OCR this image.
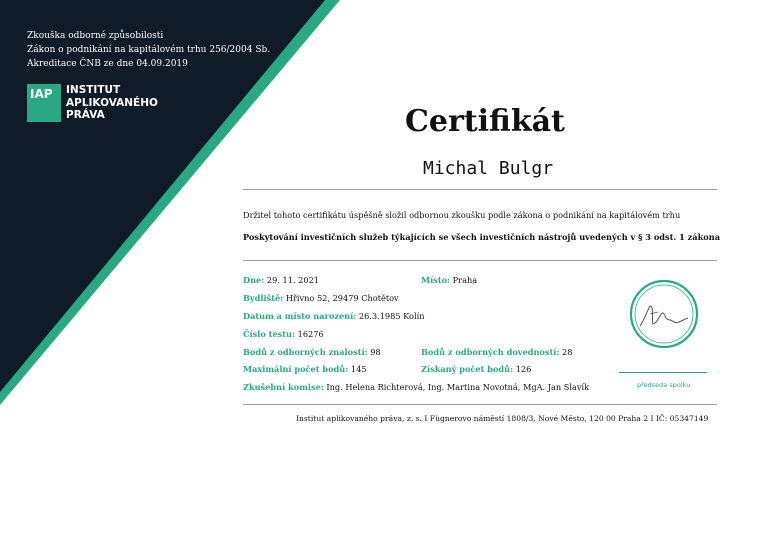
Zkouška odborné způsobilosti
Zákon o podnikání na kapitálovém trhu 256/2004 Sb.
Akreditace ČNB ze dne 04.09.2019
IAP INSTITUT
APLIKOVANÉHO
PRÁVA	Certifikát
Michal Bulgr
Držitel tohoto certifikátu úspěšně složil odbornou zkoušku podle zákona o podnikání na kapitálovém trhu
Poskytování investičních služeb týkajících se všech investičních nástrojů uvedených v § 3 odst. 1 zákona
Dne: 29. 11. 2021	Místo: Praha
Bydliště: Hřivno 52, 29479 Chotětov
Datum a místo narození: 26.3.1985 Kolín
Číslo testu: 16276
Bodů z odborných znalostí: 98	Bodů z odborných dovedností: 28
Maximální počet bodů: 145	Získaný počet bodů: 126
Zkušební komise: Ing. Helena Richterová, Ing. Martina Novotná, MgA. Jan Slavík	předseda spolku
Institut aplikovaného práva, z. s. I Fügnerovo náměstí 1808/3, Nové Město, 120 00 Praha 2 I IČ: 05347149
